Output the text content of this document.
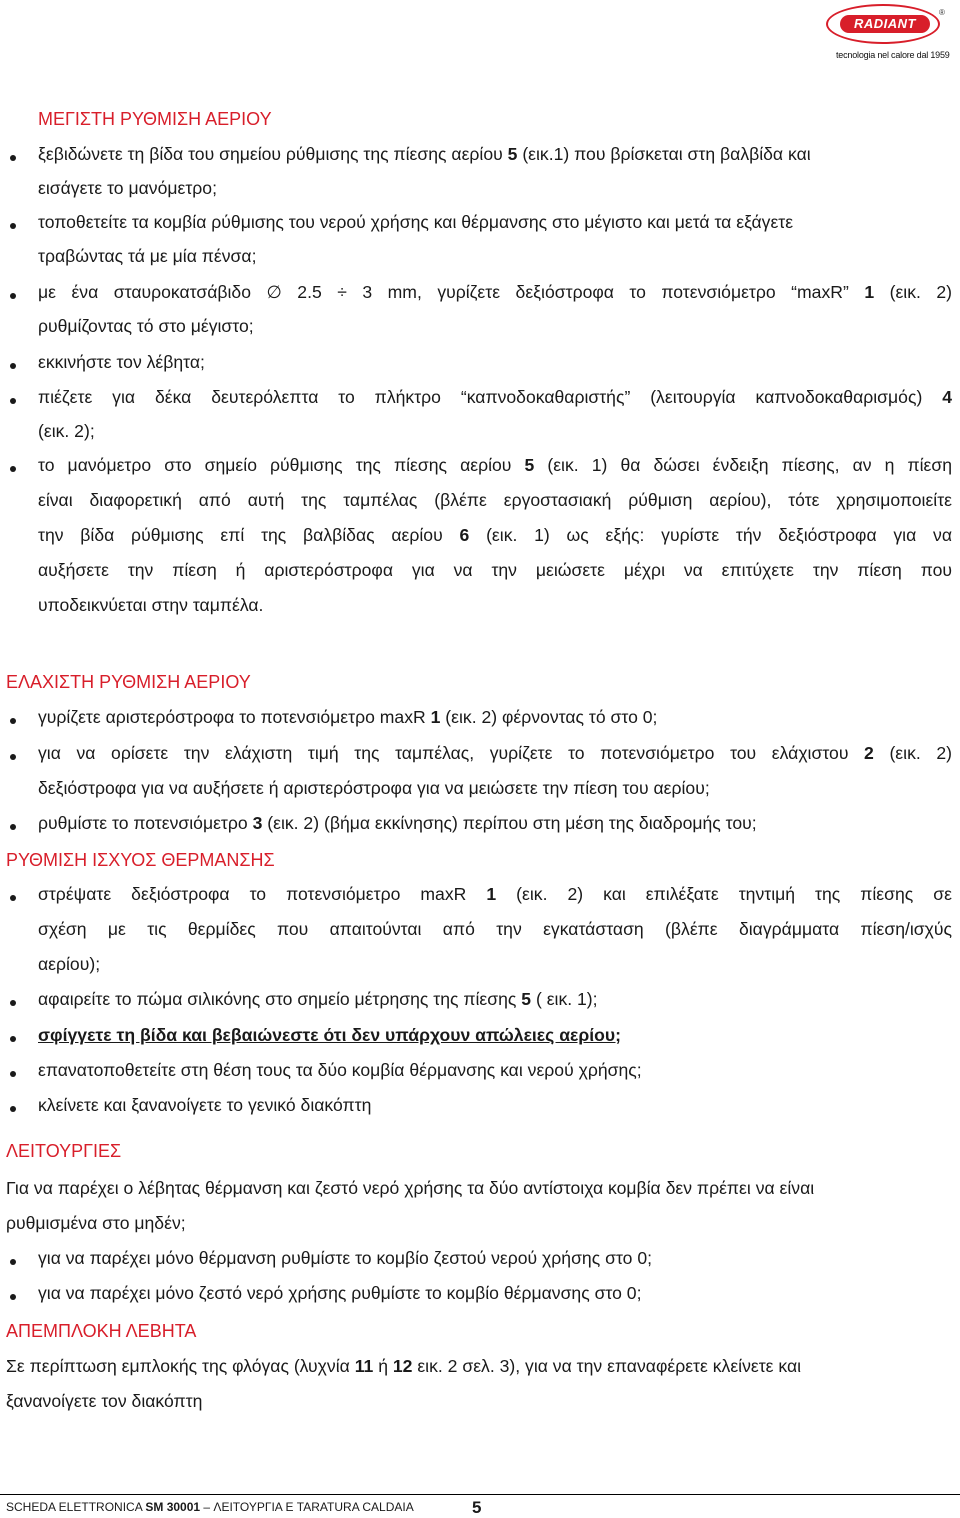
RADIANT
®
tecnologia nel calore dal 1959
ΜΕΓΙΣΤΗ ΡΥΘΜΙΣΗ ΑΕΡΙΟΥ
ξεβιδώνετε τη βίδα του σημείου ρύθμισης της πίεσης αερίου 5 (εικ.1) που βρίσκεται στη βαλβίδα και
εισάγετε το μανόμετρο;
τοποθετείτε τα κομβία ρύθμισης του νερού χρήσης και θέρμανσης στο μέγιστο και μετά τα εξάγετε
τραβώντας τά με μία πένσα;
με ένα σταυροκατσάβιδο ∅ 2.5 ÷ 3 mm, γυρίζετε δεξιόστροφα το ποτενσιόμετρο “maxR” 1 (εικ. 2)
ρυθμίζοντας τό στο μέγιστο;
εκκινήστε τον λέβητα;
πιέζετε για δέκα δευτερόλεπτα το πλήκτρο “καπνοδοκαθαριστής” (λειτουργία καπνοδοκαθαρισμός) 4
(εικ. 2);
το μανόμετρο στο σημείο ρύθμισης της πίεσης αερίου 5 (εικ. 1) θα δώσει ένδειξη πίεσης, αν η πίεση
είναι διαφορετική από αυτή της ταμπέλας (βλέπε εργοστασιακή ρύθμιση αερίου), τότε χρησιμοποιείτε
την βίδα ρύθμισης επί της βαλβίδας αερίου 6 (εικ. 1) ως εξής: γυρίστε τήν δεξιόστροφα για να
αυξήσετε την πίεση ή αριστερόστροφα για να την μειώσετε μέχρι να επιτύχετε την πίεση που
υποδεικνύεται στην ταμπέλα.
ΕΛΑΧΙΣΤΗ ΡΥΘΜΙΣΗ ΑΕΡΙΟΥ
γυρίζετε αριστερόστροφα το ποτενσιόμετρο maxR 1 (εικ. 2) φέρνοντας τό στο 0;
για να ορίσετε την ελάχιστη τιμή της ταμπέλας, γυρίζετε το ποτενσιόμετρο του ελάχιστου 2 (εικ. 2)
δεξιόστροφα για να αυξήσετε ή αριστερόστροφα για να μειώσετε την πίεση του αερίου;
ρυθμίστε το ποτενσιόμετρο 3 (εικ. 2) (βήμα εκκίνησης) περίπου στη μέση της διαδρομής του;
ΡΥΘΜΙΣΗ ΙΣΧΥΟΣ ΘΕΡΜΑΝΣΗΣ
στρέψατε δεξιόστροφα το ποτενσιόμετρο maxR 1 (εικ. 2) και επιλέξατε τηντιμή της πίεσης σε
σχέση με τις θερμίδες που απαιτούνται από την εγκατάσταση (βλέπε διαγράμματα πίεση/ισχύς
αερίου);
αφαιρείτε το πώμα σιλικόνης στο σημείο μέτρησης της πίεσης 5 ( εικ. 1);
σφίγγετε τη βίδα και βεβαιώνεστε ότι δεν υπάρχουν απώλειες αερίου;
επανατοποθετείτε στη θέση τους τα δύο κομβία θέρμανσης και νερού χρήσης;
κλείνετε και ξανανοίγετε το γενικό διακόπτη
ΛΕΙΤΟΥΡΓΙΕΣ
Για να παρέχει ο λέβητας θέρμανση και ζεστό νερό χρήσης τα δύο αντίστοιχα κομβία δεν πρέπει να είναι
ρυθμισμένα στο μηδέν;
για να παρέχει μόνο θέρμανση ρυθμίστε το κομβίο ζεστού νερού χρήσης στο 0;
για να παρέχει μόνο ζεστό νερό χρήσης ρυθμίστε το κομβίο θέρμανσης στο 0;
ΑΠΕΜΠΛΟΚΗ ΛΕΒΗΤΑ
Σε περίπτωση εμπλοκής της φλόγας (λυχνία 11 ή 12 εικ. 2 σελ. 3), για να την επαναφέρετε κλείνετε και
ξανανοίγετε τον διακόπτη
SCHEDA ELETTRONICA SM 30001 – ΛΕΙΤΟΥΡΓΙΑ Ε TARATURA CALDAIA	5
